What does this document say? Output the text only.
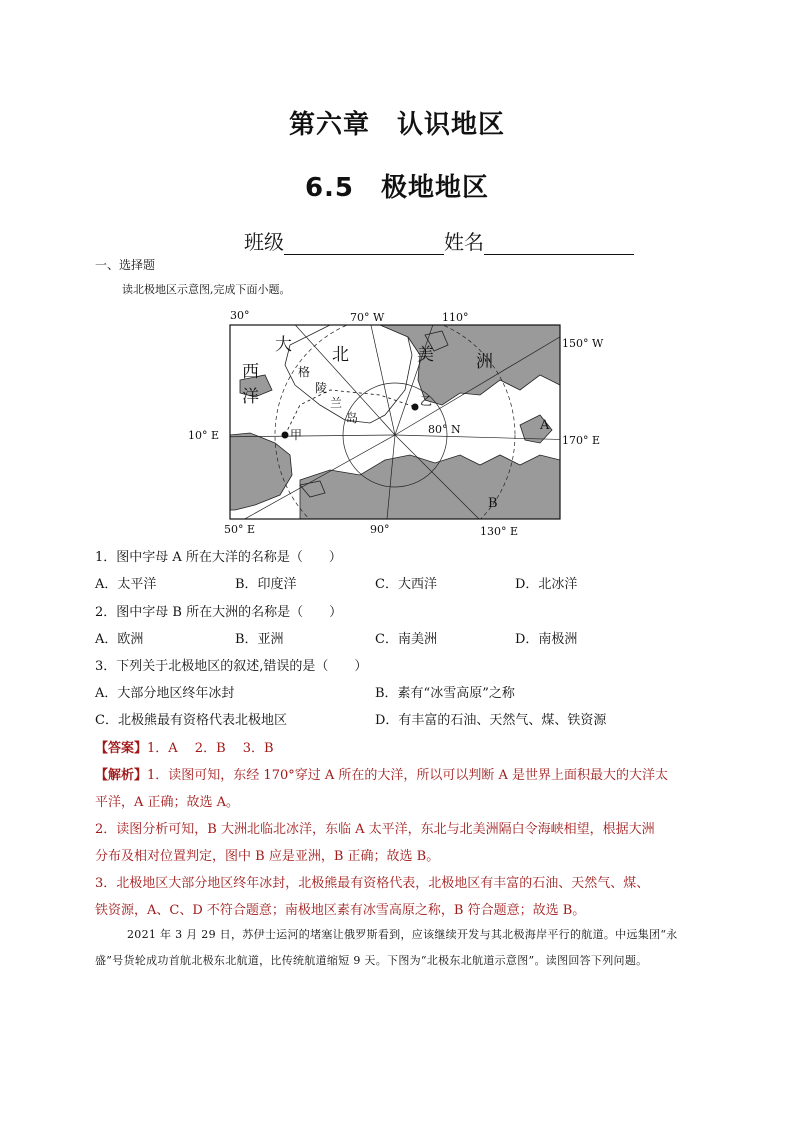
第六章　认识地区
6.5　极地地区
班级	姓名
一、选择题
读北极地区示意图,完成下面小题。
30°	70° W	110°
150° W
10° E	170° E
50° E	90°	130° E
80° N
大
西
洋
北	美 洲
格
陵
兰
岛
甲
乙
A
B
1．图中字母 A 所在大洋的名称是（　　）
A．太平洋	B．印度洋	C．大西洋	D．北冰洋
2．图中字母 B 所在大洲的名称是（　　）
A．欧洲	B．亚洲	C．南美洲	D．南极洲
3．下列关于北极地区的叙述,错误的是（　　）
A．大部分地区终年冰封	B．素有“冰雪高原”之称
C．北极熊最有资格代表北极地区	D．有丰富的石油、天然气、煤、铁资源
【答案】1．A　 2．B　 3．B
【解析】1．读图可知，东经 170°穿过 A 所在的大洋，所以可以判断 A 是世界上面积最大的大洋太
平洋，A 正确；故选 A。
2．读图分析可知，B 大洲北临北冰洋，东临 A 太平洋，东北与北美洲隔白令海峡相望，根据大洲
分布及相对位置判定，图中 B 应是亚洲，B 正确；故选 B。
3．北极地区大部分地区终年冰封，北极熊最有资格代表，北极地区有丰富的石油、天然气、煤、
铁资源，A、C、D 不符合题意；南极地区素有冰雪高原之称，B 符合题意；故选 B。
2021 年 3 月 29 日，苏伊士运河的堵塞让俄罗斯看到，应该继续开发与其北极海岸平行的航道。中远集团“永盛”号货轮成功首航北极东北航道，比传统航道缩短 9 天。下图为“北极东北航道示意图”。读图回答下列问题。
